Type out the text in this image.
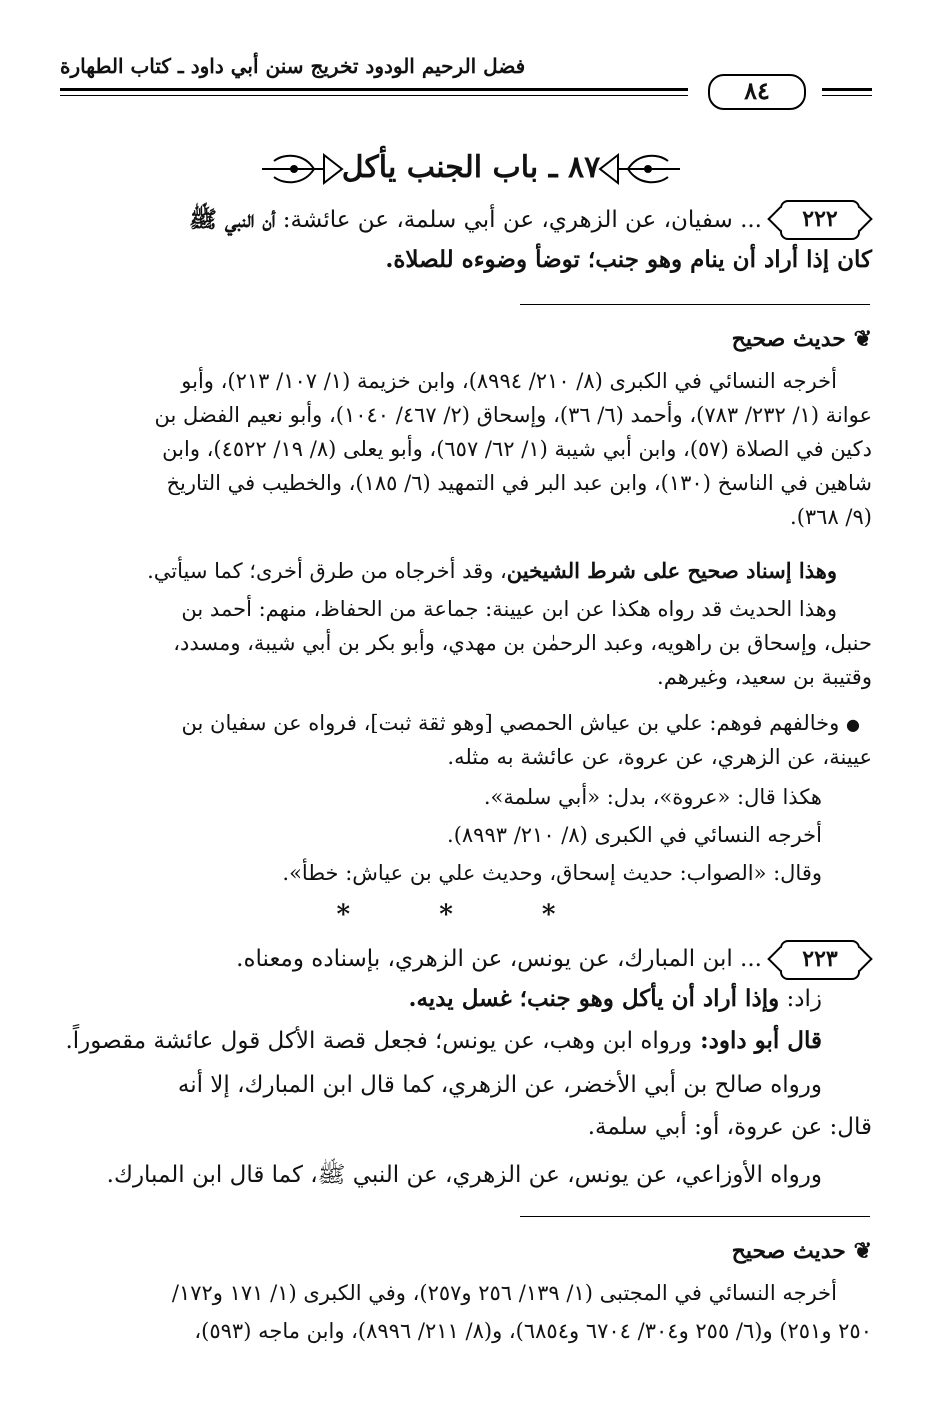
فضل الرحيم الودود تخريج سنن أبي داود ـ كتاب الطهارة
٨٤
٨٧ ـ باب الجنب يأكل
٢٢٢
... سفيان، عن الزهري، عن أبي سلمة، عن عائشة: أن النبي ﷺ
كان إذا أراد أن ينام وهو جنب؛ توضأ وضوءه للصلاة.
❦ حديث صحيح
أخرجه النسائي في الكبرى (٨/ ٢١٠/ ٨٩٩٤)، وابن خزيمة (١/ ١٠٧/ ٢١٣)، وأبو
عوانة (١/ ٢٣٢/ ٧٨٣)، وأحمد (٦/ ٣٦)، وإسحاق (٢/ ٤٦٧/ ١٠٤٠)، وأبو نعيم الفضل بن
دكين في الصلاة (٥٧)، وابن أبي شيبة (١/ ٦٢/ ٦٥٧)، وأبو يعلى (٨/ ١٩/ ٤٥٢٢)، وابن
شاهين في الناسخ (١٣٠)، وابن عبد البر في التمهيد (٦/ ١٨٥)، والخطيب في التاريخ
(٩/ ٣٦٨).
وهذا إسناد صحيح على شرط الشيخين، وقد أخرجاه من طرق أخرى؛ كما سيأتي.
وهذا الحديث قد رواه هكذا عن ابن عيينة: جماعة من الحفاظ، منهم: أحمد بن
حنبل، وإسحاق بن راهويه، وعبد الرحمٰن بن مهدي، وأبو بكر بن أبي شيبة، ومسدد،
وقتيبة بن سعيد، وغيرهم.
● وخالفهم فوهم: علي بن عياش الحمصي [وهو ثقة ثبت]، فرواه عن سفيان بن
عيينة، عن الزهري، عن عروة، عن عائشة به مثله.
هكذا قال: «عروة»، بدل: «أبي سلمة».
أخرجه النسائي في الكبرى (٨/ ٢١٠/ ٨٩٩٣).
وقال: «الصواب: حديث إسحاق، وحديث علي بن عياش: خطأ».
* * *
٢٢٣
... ابن المبارك، عن يونس، عن الزهري، بإسناده ومعناه.
زاد: وإذا أراد أن يأكل وهو جنب؛ غسل يديه.
قال أبو داود: ورواه ابن وهب، عن يونس؛ فجعل قصة الأكل قول عائشة مقصوراً.
ورواه صالح بن أبي الأخضر، عن الزهري، كما قال ابن المبارك، إلا أنه
قال: عن عروة، أو: أبي سلمة.
ورواه الأوزاعي، عن يونس، عن الزهري، عن النبي ﷺ، كما قال ابن المبارك.
❦ حديث صحيح
أخرجه النسائي في المجتبى (١/ ١٣٩/ ٢٥٦ و٢٥٧)، وفي الكبرى (١/ ١٧١ و١٧٢/
٢٥٠ و٢٥١) و(٦/ ٢٥٥ و٣٠٤/ ٦٧٠٤ و٦٨٥٤)، و(٨/ ٢١١/ ٨٩٩٦)، وابن ماجه (٥٩٣)،
